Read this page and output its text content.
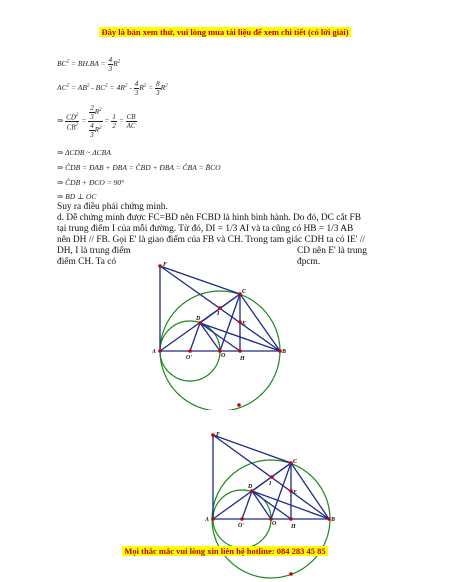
Đây là bản xem thử, vui lòng mua tài liệu để xem chi tiết (có lời giải)
$BC^2 = BH.BA = \frac{4}{3} R^2$
$AC^2 = AB^2 - BC^2 = 4R^2 - \frac{4}{3} R^2 = \frac{8}{3} R^2$
⇒ $\frac{CD^2}{CB^2} = \frac{\frac{2}{3} R^2}{\frac{4}{3} R^2} = \frac{1}{2} = \frac{CB}{AC}$
⇒ ΔCDB ~ ΔCBA
⇒ ĈDB = ĐAB + ĐBA = ĈBD + ĐBA = ĈBA = B̂CO
⇒ ĈDB + ĐCO = 90°
⇒ BD ⊥ OC
Suy ra điều phải chứng minh.
d. Dễ chứng minh được FC=BD nên FCBD là hình bình hành. Do đó, DC cắt FB
tại trung điểm I của mỗi đường. Từ đó, DI = 1/3 AI và ta cũng có HB = 1/3 AB
nên DH // FB. Gọi E' là giao điểm của FB và CH. Trong tam giác CDH ta có IE' //
DH, I là trung điểm	CD nên E' là trung
điểm CH. Ta có	đpcm.
F
C
I
D
E
A
O'	O H
B
F
C
I
D
E
A
O'	O H
B
Mọi thắc mắc vui lòng xin liên hệ hotline: 084 283 45 85
